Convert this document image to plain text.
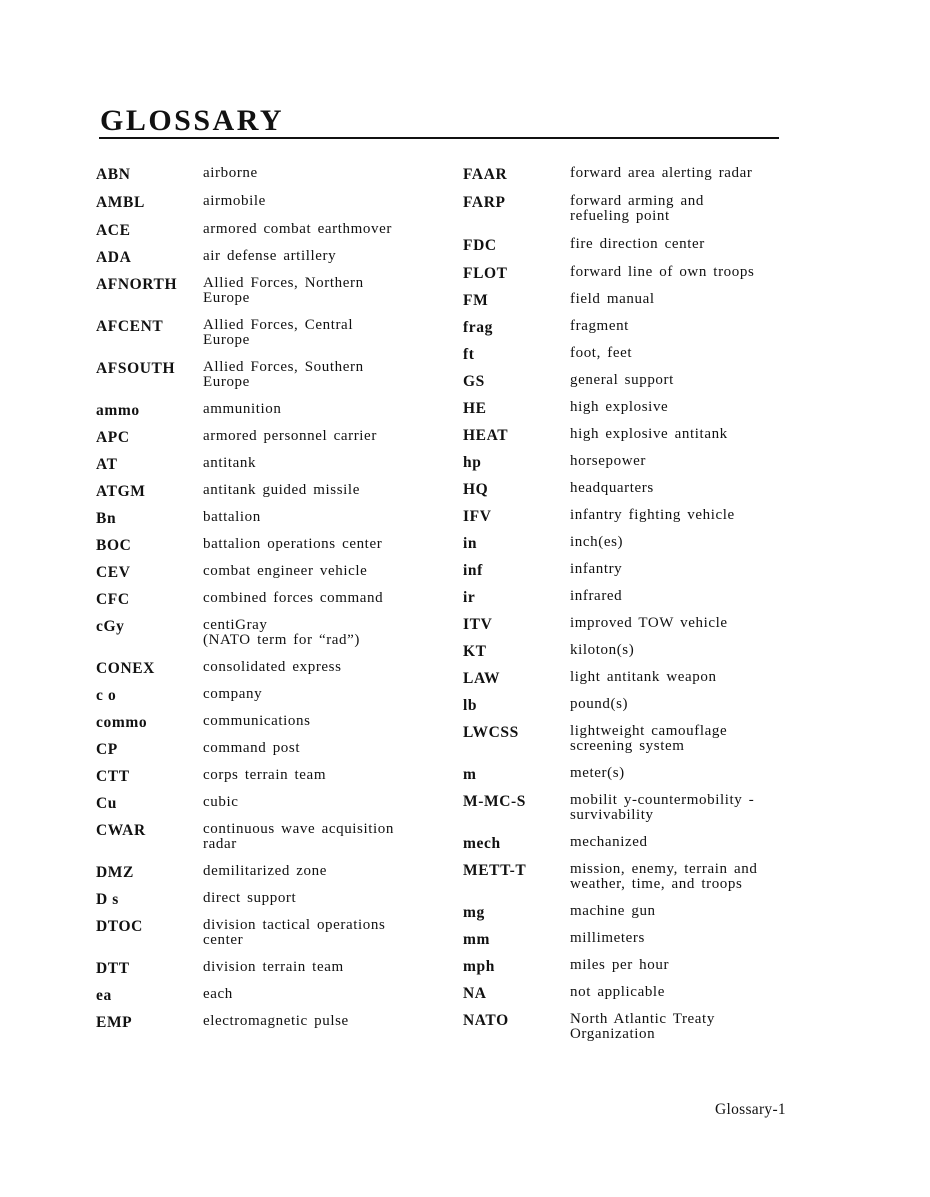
GLOSSARY
ABN	airborne
AMBL	airmobile
ACE	armored combat earthmover
ADA	air defense artillery
AFNORTH Allied Forces, Northern
Europe
AFCENT	Allied Forces, Central
Europe
AFSOUTH Allied Forces, Southern
Europe
ammo	ammunition
APC	armored personnel carrier
AT	antitank
ATGM	antitank guided missile
Bn	battalion
BOC	battalion operations center
CEV	combat engineer vehicle
CFC	combined forces command
cGy	centiGray
(NATO term for “rad”)
CONEX	consolidated express
c o	company
commo	communications
CP	command post
CTT	corps terrain team
Cu	cubic
CWAR	continuous wave acquisition
radar
DMZ	demilitarized zone
D s	direct support
DTOC	division tactical operations
center
DTT	division terrain team
ea	each
EMP	electromagnetic pulse
FAAR	forward area alerting radar
FARP	forward arming and
refueling point
FDC	fire direction center
FLOT	forward line of own troops
FM	field manual
frag	fragment
ft	foot, feet
GS	general support
HE	high explosive
HEAT	high explosive antitank
hp	horsepower
HQ	headquarters
IFV	infantry fighting vehicle
in	inch(es)
inf	infantry
ir	infrared
ITV	improved TOW vehicle
KT	kiloton(s)
LAW	light antitank weapon
lb	pound(s)
LWCSS	lightweight camouflage
screening system
m	meter(s)
M-MC-S	mobilit y-countermobility -
survivability
mech	mechanized
METT-T	mission, enemy, terrain and
weather, time, and troops
mg	machine gun
mm	millimeters
mph	miles per hour
NA	not applicable
NATO	North Atlantic Treaty
Organization
Glossary-1
